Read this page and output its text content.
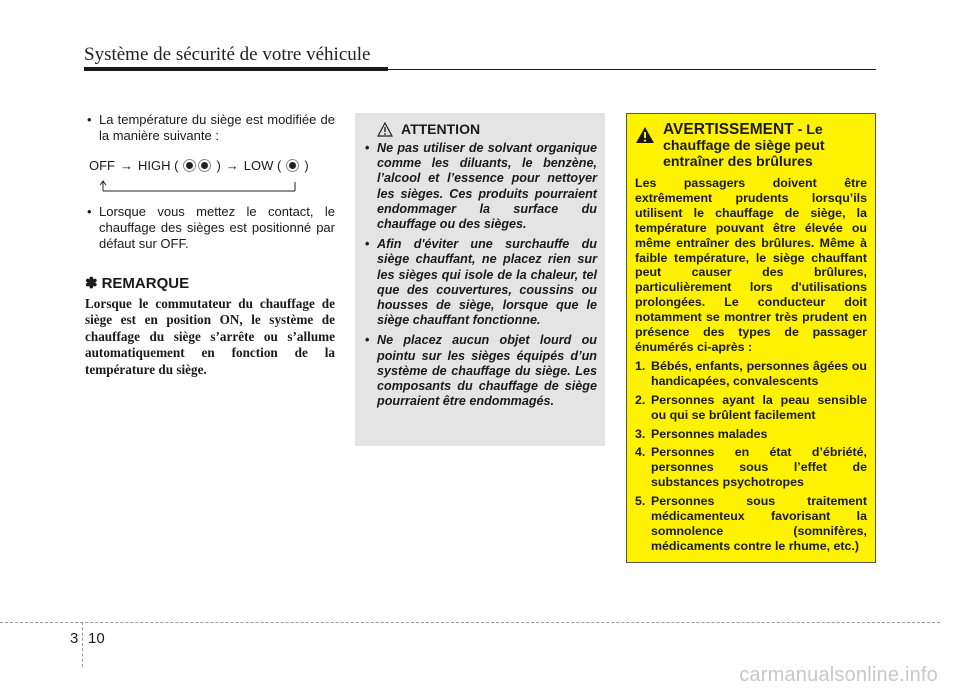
Système de sécurité de votre véhicule
• La température du siège est modifiée de la manière suivante :
OFF → HIGH (	) → LOW ( )
• Lorsque vous mettez le contact, le chauffage des sièges est positionné par défaut sur OFF.
✽ REMARQUE
Lorsque le commutateur du chauffage de siège est en position ON, le système de chauffage du siège s’arrête ou s’allume automatiquement en fonction de la température du siège.
ATTENTION
• Ne pas utiliser de solvant organique comme les diluants, le benzène, l’alcool et l’essence pour nettoyer les sièges. Ces produits pourraient endommager la surface du chauffage ou des sièges.
• Afin d'éviter une surchauffe du siège chauffant, ne placez rien sur les sièges qui isole de la chaleur, tel que des couvertures, coussins ou housses de siège, lorsque que le siège chauffant fonctionne.
• Ne placez aucun objet lourd ou pointu sur les sièges équipés d’un système de chauffage du siège. Les composants du chauffage de siège pourraient être endommagés.
AVERTISSEMENT - Le chauffage de siège peut entraîner des brûlures
Les passagers doivent être extrêmement prudents lorsqu’ils utilisent le chauffage de siège, la température pouvant être élevée ou même entraîner des brûlures. Même à faible température, le siège chauffant peut causer des brûlures, particulièrement lors d'utilisations prolongées. Le conducteur doit notamment se montrer très prudent en présence des types de passager énumérés ci-après :
1. Bébés, enfants, personnes âgées ou handicapées, convalescents
2. Personnes ayant la peau sensible ou qui se brûlent facilement
3. Personnes malades
4. Personnes en état d’ébriété, personnes sous l’effet de substances psychotropes
5. Personnes sous traitement médicamenteux favorisant la somnolence (somnifères, médicaments contre le rhume, etc.)
3 10
carmanualsonline.info
